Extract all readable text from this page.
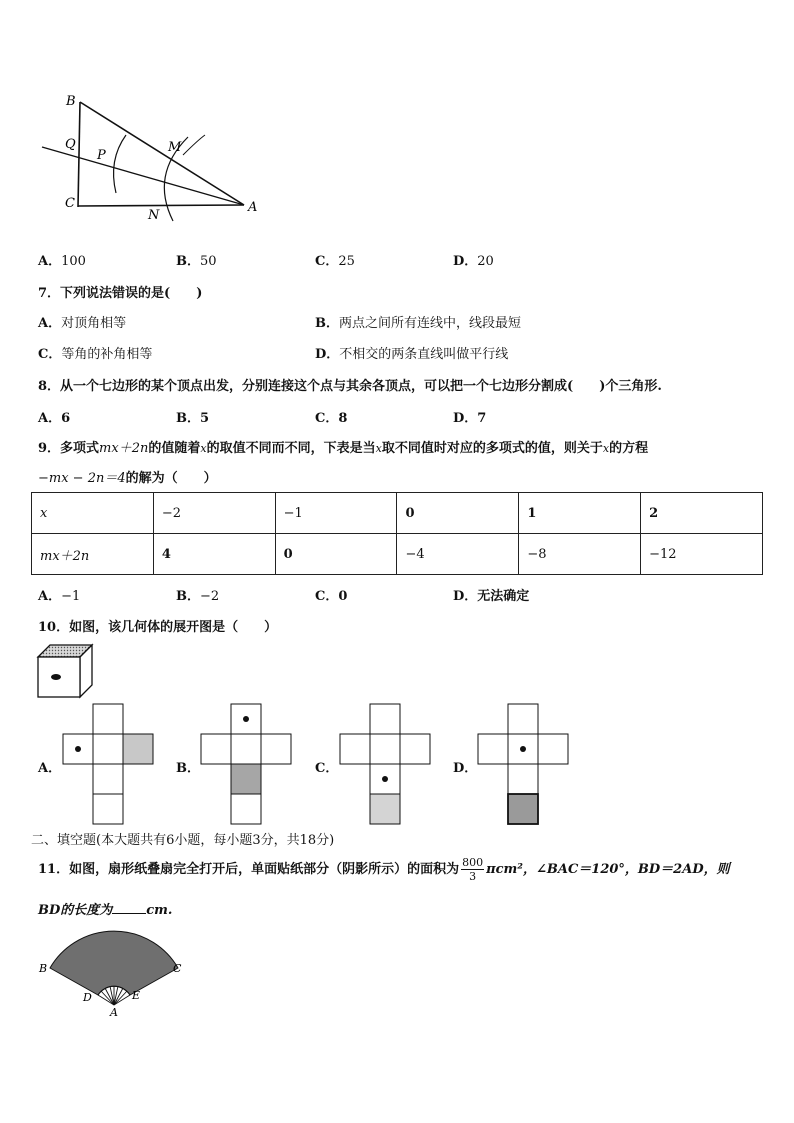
B
Q
P
M
C
N
A
A．100	B．50	C．25	D．20
7．下列说法错误的是(　　)
A．对顶角相等	B．两点之间所有连线中，线段最短
C．等角的补角相等	D．不相交的两条直线叫做平行线
8．从一个七边形的某个顶点出发，分别连接这个点与其余各顶点，可以把一个七边形分割成(　　)个三角形.
A．6	B．5	C．8	D．7
9．多项式mx＋2n的值随着x的取值不同而不同，下表是当x取不同值时对应的多项式的值，则关于x的方程
−mx − 2n＝4的解为（　　）
x	−2	−1	0	1	2
mx＋2n	4	0	−4	−8	−12
A．−1	B．−2	C．0	D．无法确定
10．如图，该几何体的展开图是（　　）
A．	B．	C．	D．
二、填空题(本大题共有6小题，每小题3分，共18分)
11．如图，扇形纸叠扇完全打开后，单面贴纸部分（阴影所示）的面积为 $\frac{800}{3} \pi cm^2$，∠BAC＝120°，BD＝2AD，则
BD的长度为	cm.
B	C
D	E
A
